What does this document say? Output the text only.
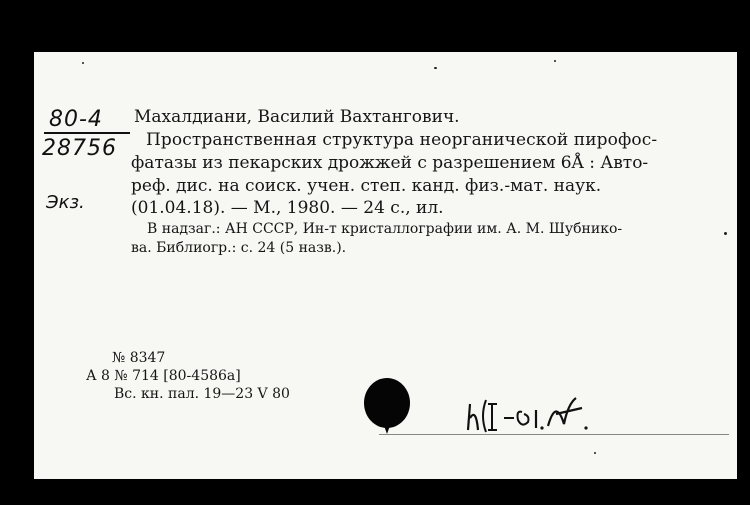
80-4
28756
Экз.
Махалдиани, Василий Вахтангович.
Пространственная структура неорганической пирофос-
фатазы из пекарских дрожжей с разрешением 6Å : Авто-
реф. дис. на соиск. учен. степ. канд. физ.-мат. наук.
(01.04.18). — М., 1980. — 24 с., ил.
В надзаг.: АН СССР, Ин-т кристаллографии им. А. М. Шубнико-
ва. Библиогр.: с. 24 (5 назв.).
№ 8347
А 8 № 714 [80-4586а]
Вс. кн. пал. 19—23 V 80
